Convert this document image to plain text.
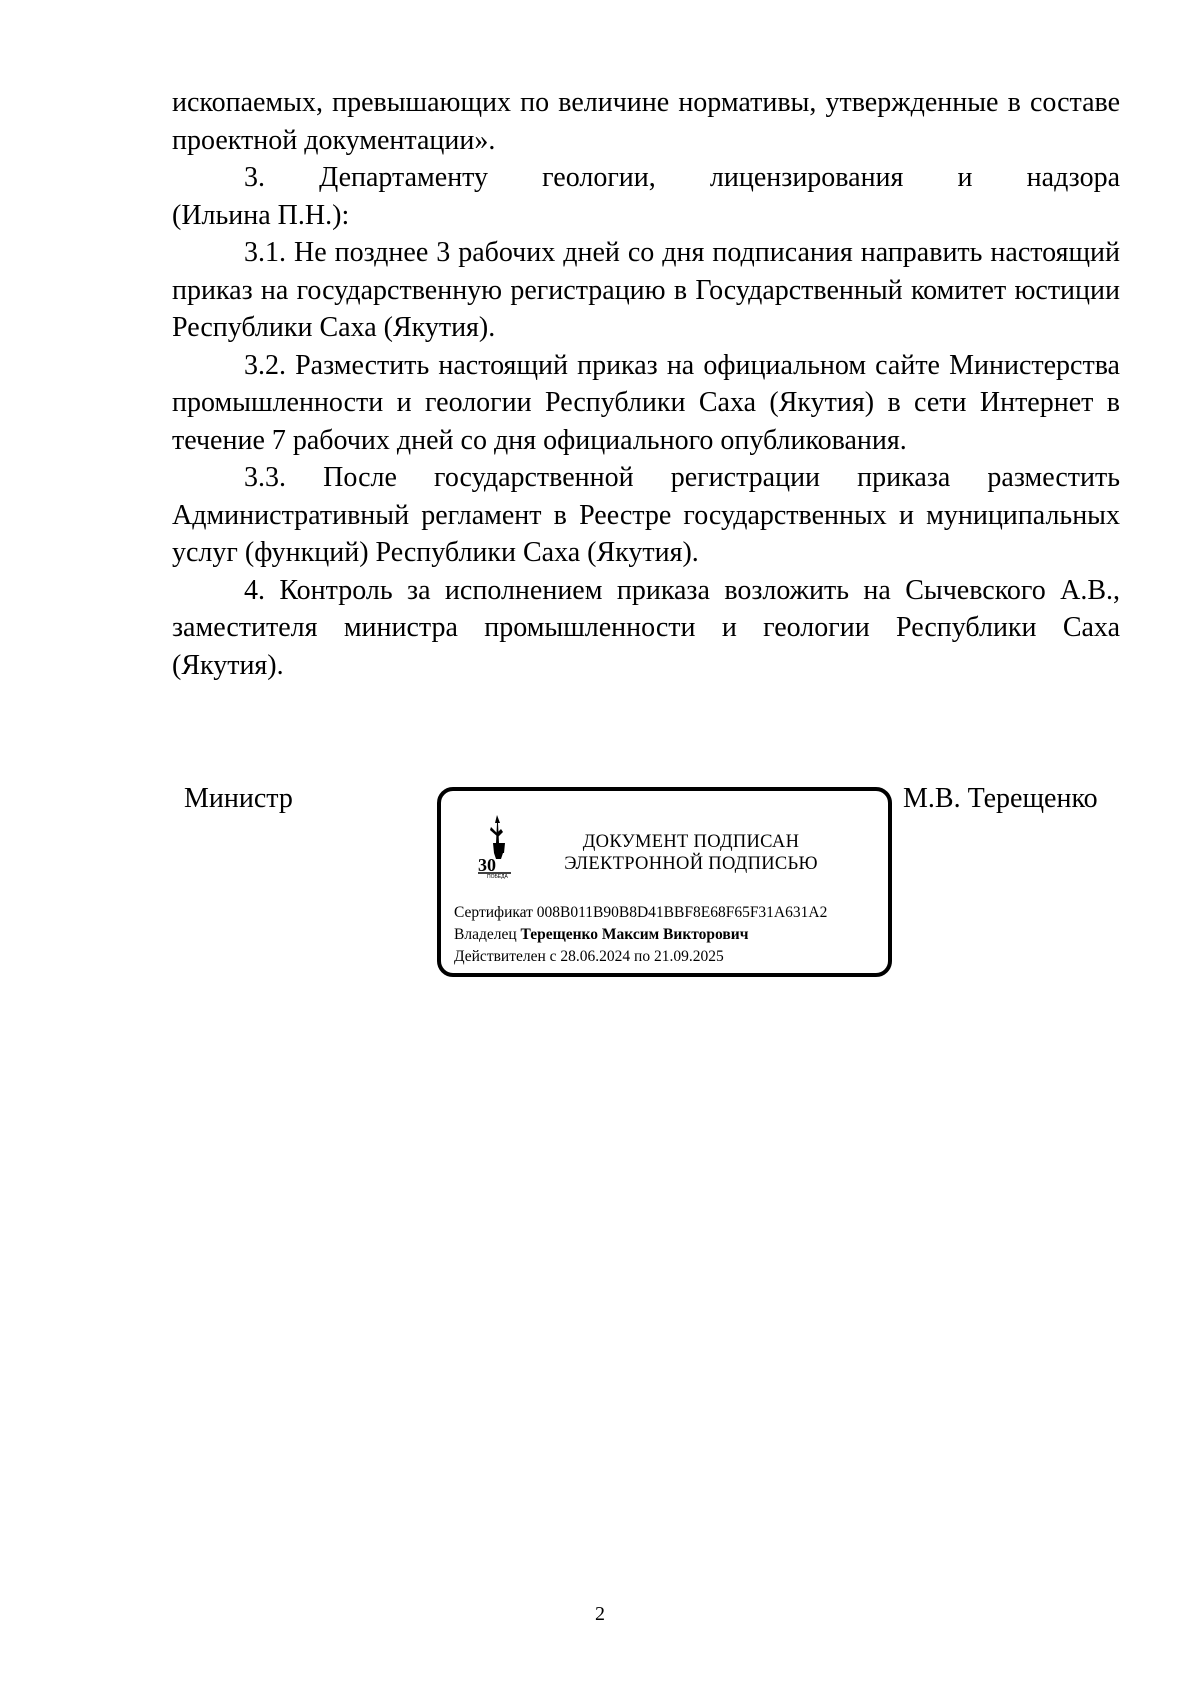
ископаемых, превышающих по величине нормативы, утвержденные в составе проектной документации».

3. Департаменту геологии, лицензирования и надзора

(Ильина П.Н.):

3.1. Не позднее 3 рабочих дней со дня подписания направить настоящий приказ на государственную регистрацию в Государственный комитет юстиции Республики Саха (Якутия).

3.2. Разместить настоящий приказ на официальном сайте Министерства промышленности и геологии Республики Саха (Якутия) в сети Интернет в течение 7 рабочих дней со дня официального опубликования.

3.3. После государственной регистрации приказа разместить Административный регламент в Реестре государственных и муниципальных услуг (функций) Республики Саха (Якутия).

4. Контроль за исполнением приказа возложить на Сычевского А.В., заместителя министра промышленности и геологии Республики Саха (Якутия).

Министр	М.В. Терещенко
30
ПОБЕДА
ДОКУМЕНТ ПОДПИСАН
ЭЛЕКТРОННОЙ ПОДПИСЬЮ
Сертификат 008B011B90B8D41BBF8E68F65F31A631A2
Владелец Терещенко Максим Викторович
Действителен с 28.06.2024 по 21.09.2025
2
